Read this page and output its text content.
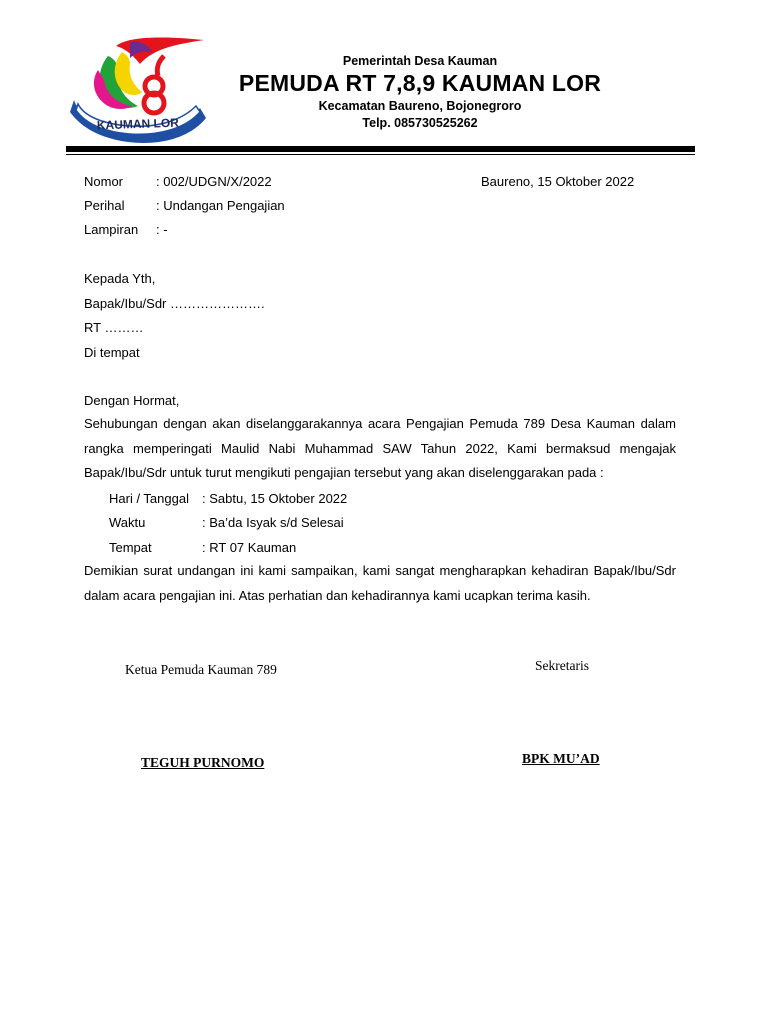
KAUMAN LOR
Pemerintah Desa Kauman
PEMUDA RT 7,8,9 KAUMAN LOR
Kecamatan Baureno, Bojonegroro
Telp. 085730525262
Nomor	: 002/UDGN/X/2022	Baureno, 15 Oktober 2022
Perihal : Undangan Pengajian
Lampiran : -
Kepada Yth,
Bapak/Ibu/Sdr ………………….
RT ………
Di tempat
Dengan Hormat,
Sehubungan dengan akan diselanggarakannya acara Pengajian Pemuda 789 Desa Kauman dalam rangka memperingati Maulid Nabi Muhammad SAW Tahun 2022, Kami bermaksud mengajak Bapak/Ibu/Sdr untuk turut mengikuti pengajian tersebut yang akan diselenggarakan pada :
Hari / Tanggal : Sabtu, 15 Oktober 2022
Waktu	: Ba’da Isyak s/d Selesai
Tempat	: RT 07 Kauman
Demikian surat undangan ini kami sampaikan, kami sangat mengharapkan kehadiran Bapak/Ibu/Sdr dalam acara pengajian ini. Atas perhatian dan kehadirannya kami ucapkan terima kasih.
Ketua Pemuda Kauman 789	Sekretaris
TEGUH PURNOMO	BPK MU’AD
